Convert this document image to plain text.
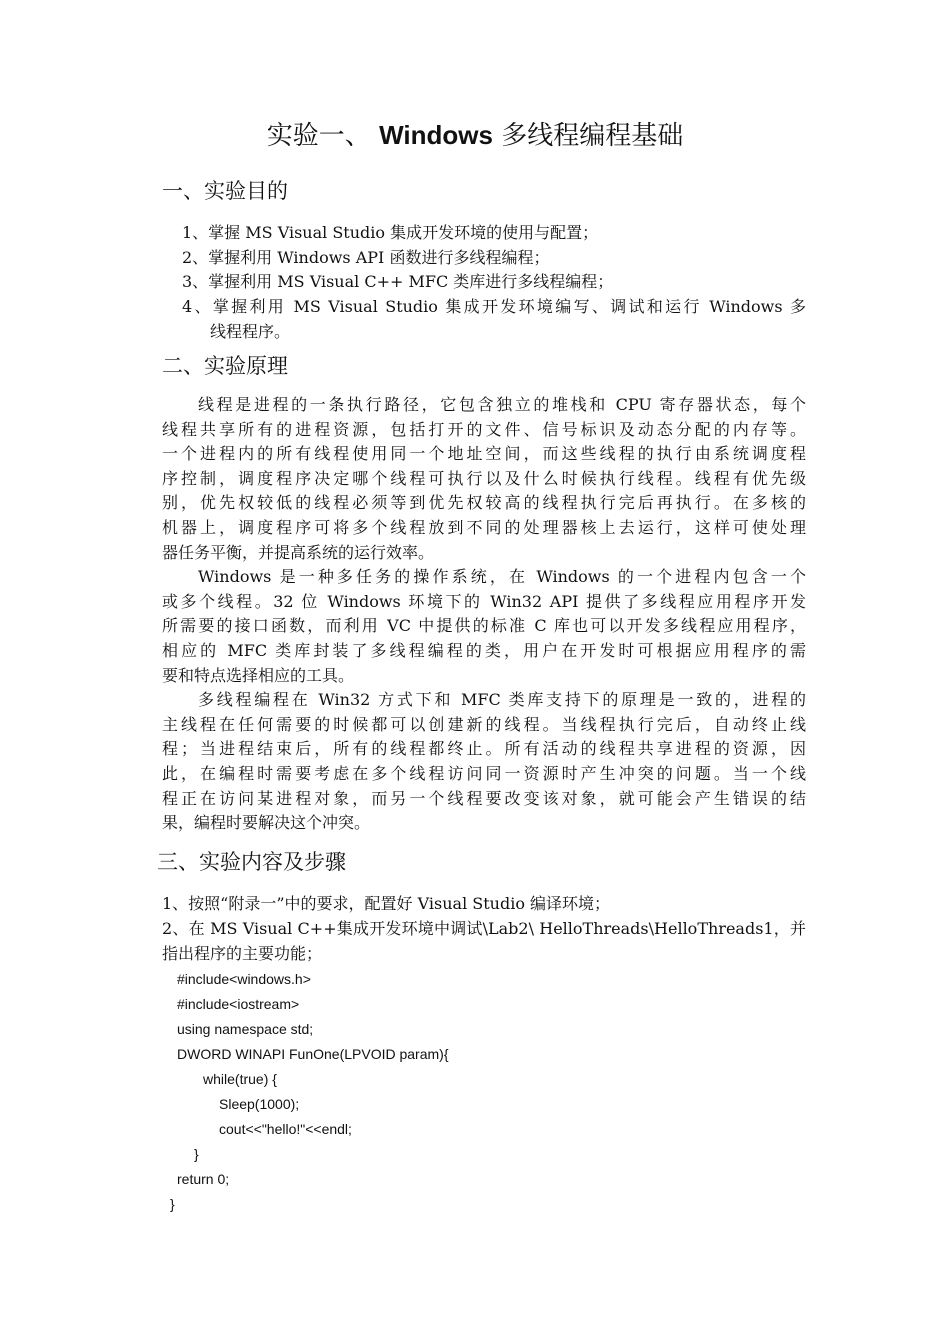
实验一、 Windows 多线程编程基础
一、实验目的
1、掌握 MS Visual Studio 集成开发环境的使用与配置；
2、掌握利用 Windows API 函数进行多线程编程；
3、掌握利用 MS Visual C++ MFC 类库进行多线程编程；
4、掌握利用 MS Visual Studio 集成开发环境编写、调试和运行 Windows 多
线程程序。
二、实验原理
线程是进程的一条执行路径，它包含独立的堆栈和 CPU 寄存器状态，每个
线程共享所有的进程资源，包括打开的文件、信号标识及动态分配的内存等。
一个进程内的所有线程使用同一个地址空间，而这些线程的执行由系统调度程
序控制，调度程序决定哪个线程可执行以及什么时候执行线程。线程有优先级
别，优先权较低的线程必须等到优先权较高的线程执行完后再执行。在多核的
机器上，调度程序可将多个线程放到不同的处理器核上去运行，这样可使处理
器任务平衡，并提高系统的运行效率。
Windows 是一种多任务的操作系统，在 Windows 的一个进程内包含一个
或多个线程。32 位 Windows 环境下的 Win32 API 提供了多线程应用程序开发
所需要的接口函数，而利用 VC 中提供的标准 C 库也可以开发多线程应用程序，
相应的 MFC 类库封装了多线程编程的类，用户在开发时可根据应用程序的需
要和特点选择相应的工具。
多线程编程在 Win32 方式下和 MFC 类库支持下的原理是一致的，进程的
主线程在任何需要的时候都可以创建新的线程。当线程执行完后，自动终止线
程；当进程结束后，所有的线程都终止。所有活动的线程共享进程的资源，因
此，在编程时需要考虑在多个线程访问同一资源时产生冲突的问题。当一个线
程正在访问某进程对象，而另一个线程要改变该对象，就可能会产生错误的结
果，编程时要解决这个冲突。
三、实验内容及步骤
1、按照“附录一”中的要求，配置好 Visual Studio 编译环境；
2、在 MS Visual C++集成开发环境中调试\Lab2\ HelloThreads\HelloThreads1，并
指出程序的主要功能；
#include<windows.h>
#include<iostream>
using namespace std;
DWORD WINAPI FunOne(LPVOID param){
while(true) {
Sleep(1000);
cout<<"hello!"<<endl;
}
return 0;
}
